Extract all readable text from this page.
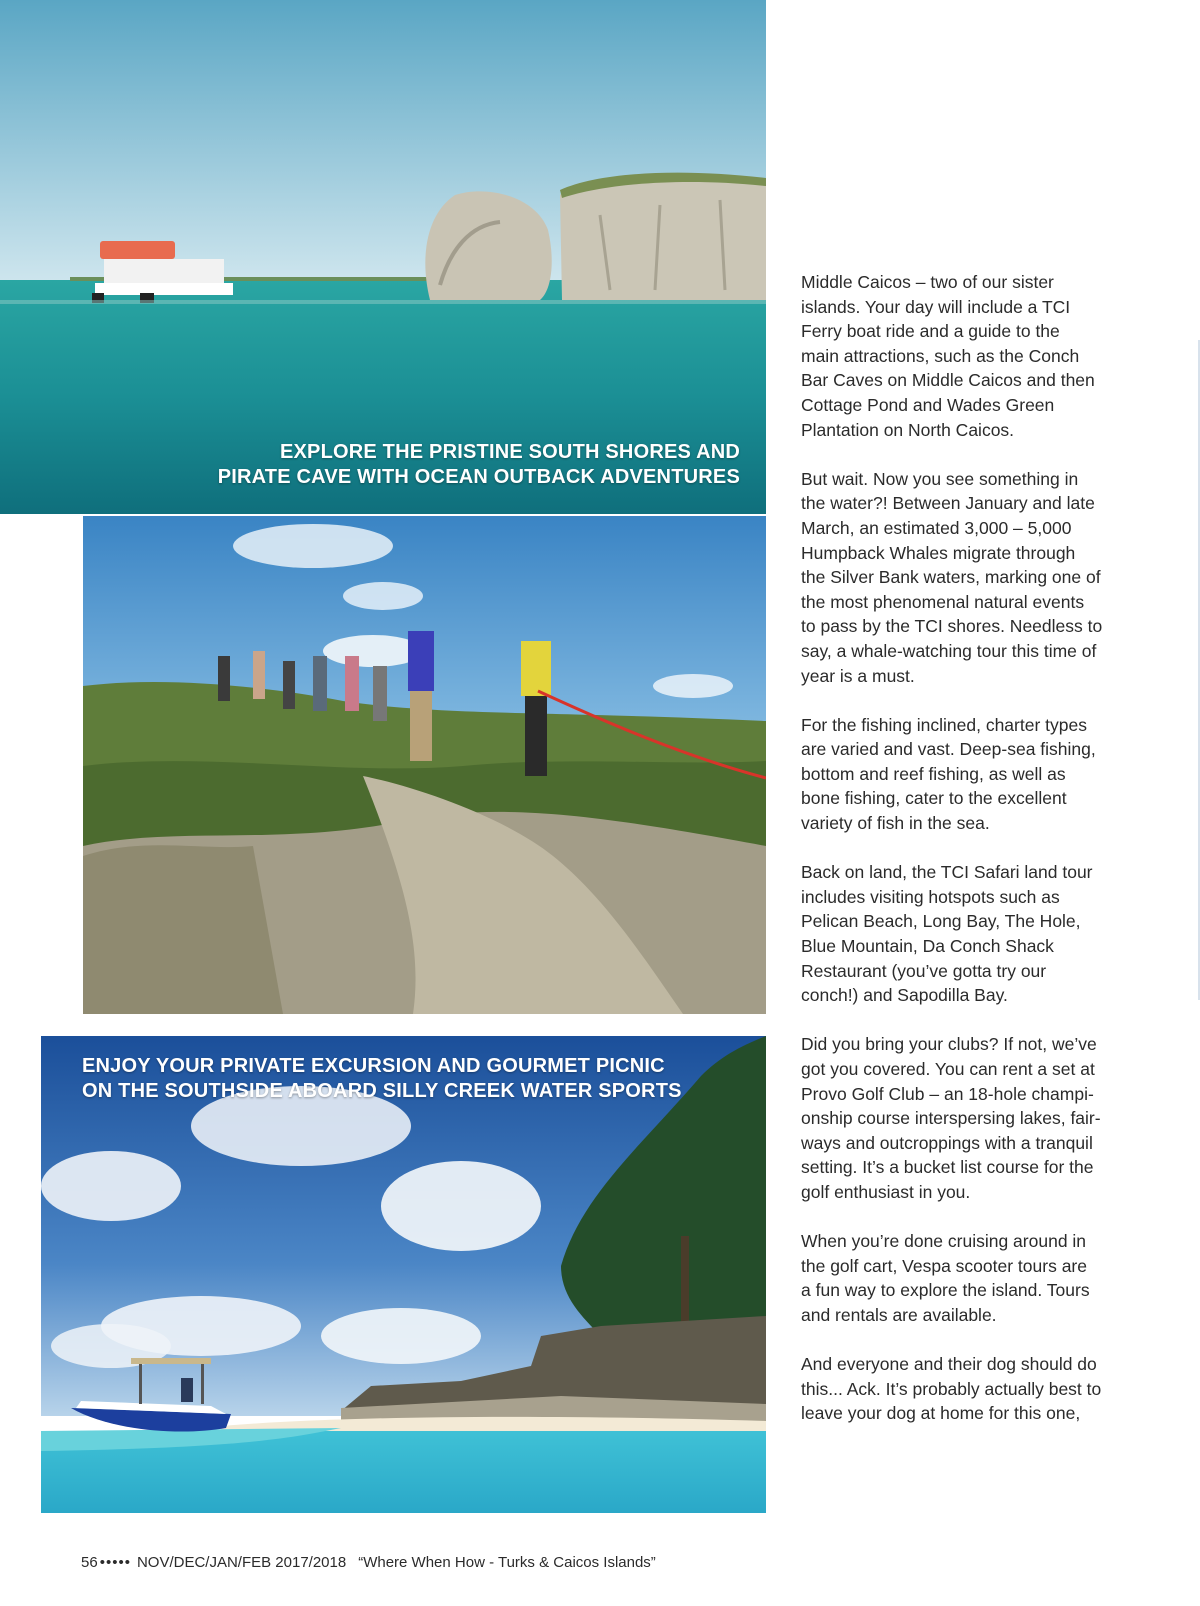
EXPLORE THE PRISTINE SOUTH SHORES AND
PIRATE CAVE WITH OCEAN OUTBACK ADVENTURES
ENJOY YOUR PRIVATE EXCURSION AND GOURMET PICNIC
ON THE SOUTHSIDE ABOARD SILLY CREEK WATER SPORTS

Middle Caicos – two of our sister
islands. Your day will include a TCI
Ferry boat ride and a guide to the
main attractions, such as the Conch
Bar Caves on Middle Caicos and then
Cottage Pond and Wades Green
Plantation on North Caicos.

But wait. Now you see something in
the water?! Between January and late
March, an estimated 3,000 – 5,000
Humpback Whales migrate through
the Silver Bank waters, marking one of
the most phenomenal natural events
to pass by the TCI shores. Needless to
say, a whale-watching tour this time of
year is a must.

For the fishing inclined, charter types
are varied and vast. Deep-sea fishing,
bottom and reef fishing, as well as
bone fishing, cater to the excellent
variety of fish in the sea.

Back on land, the TCI Safari land tour
includes visiting hotspots such as
Pelican Beach, Long Bay, The Hole,
Blue Mountain, Da Conch Shack
Restaurant (you’ve gotta try our
conch!) and Sapodilla Bay.

Did you bring your clubs? If not, we’ve
got you covered. You can rent a set at
Provo Golf Club – an 18-hole champi-
onship course interspersing lakes, fair-
ways and outcroppings with a tranquil
setting. It’s a bucket list course for the
golf enthusiast in you.

When you’re done cruising around in
the golf cart, Vespa scooter tours are
a fun way to explore the island. Tours
and rentals are available.

And everyone and their dog should do
this... Ack. It’s probably actually best to
leave your dog at home for this one,

56 ••••• NOV/DEC/JAN/FEB 2017/2018 “Where When How - Turks & Caicos Islands”
